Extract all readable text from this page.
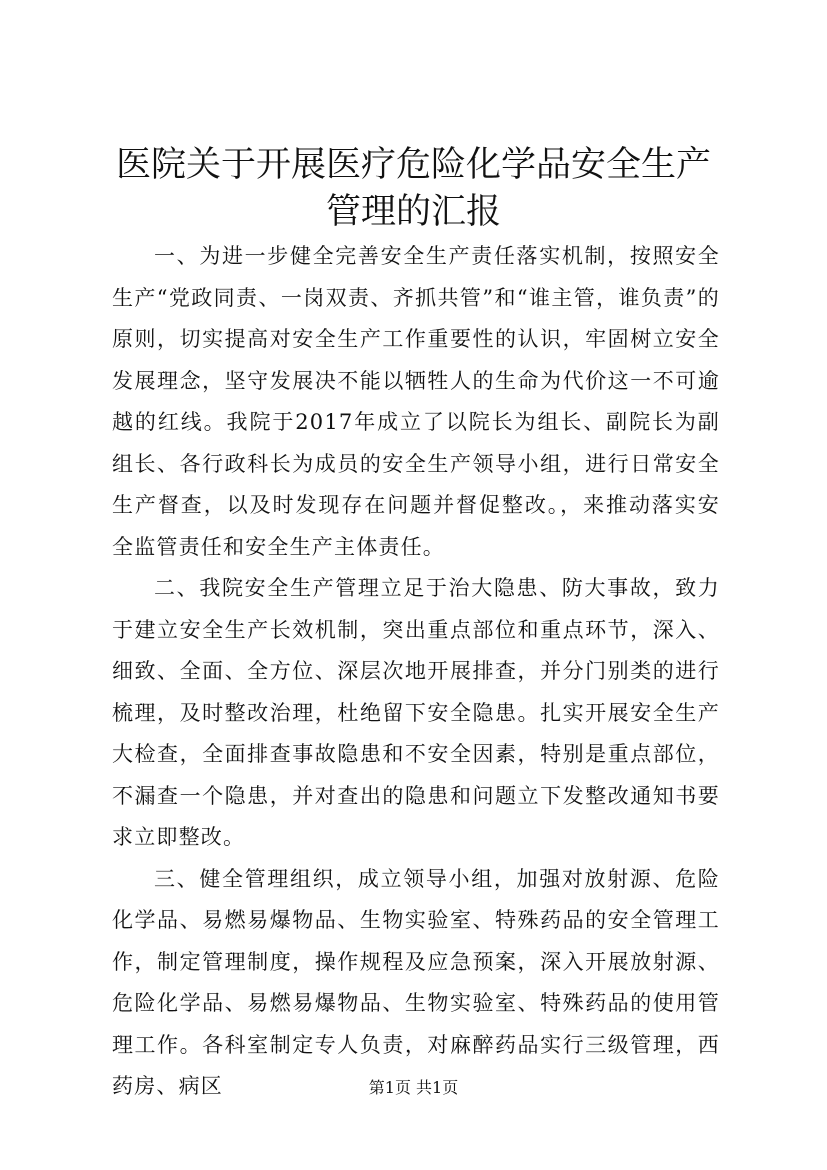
医院关于开展医疗危险化学品安全生产管理的汇报

一、为进一步健全完善安全生产责任落实机制，按照安全生产“党政同责、一岗双责、齐抓共管”和“谁主管，谁负责”的原则，切实提高对安全生产工作重要性的认识，牢固树立安全发展理念，坚守发展决不能以牺牲人的生命为代价这一不可逾越的红线。我院于2017年成立了以院长为组长、副院长为副组长、各行政科长为成员的安全生产领导小组，进行日常安全生产督查，以及时发现存在问题并督促整改。，来推动落实安全监管责任和安全生产主体责任。

二、我院安全生产管理立足于治大隐患、防大事故，致力于建立安全生产长效机制，突出重点部位和重点环节，深入、细致、全面、全方位、深层次地开展排查，并分门别类的进行梳理，及时整改治理，杜绝留下安全隐患。扎实开展安全生产大检查，全面排查事故隐患和不安全因素，特别是重点部位，不漏查一个隐患，并对查出的隐患和问题立下发整改通知书要求立即整改。

三、健全管理组织，成立领导小组，加强对放射源、危险化学品、易燃易爆物品、生物实验室、特殊药品的安全管理工作，制定管理制度，操作规程及应急预案，深入开展放射源、危险化学品、易燃易爆物品、生物实验室、特殊药品的使用管理工作。各科室制定专人负责，对麻醉药品实行三级管理，西药房、病区	第1页 共1页
